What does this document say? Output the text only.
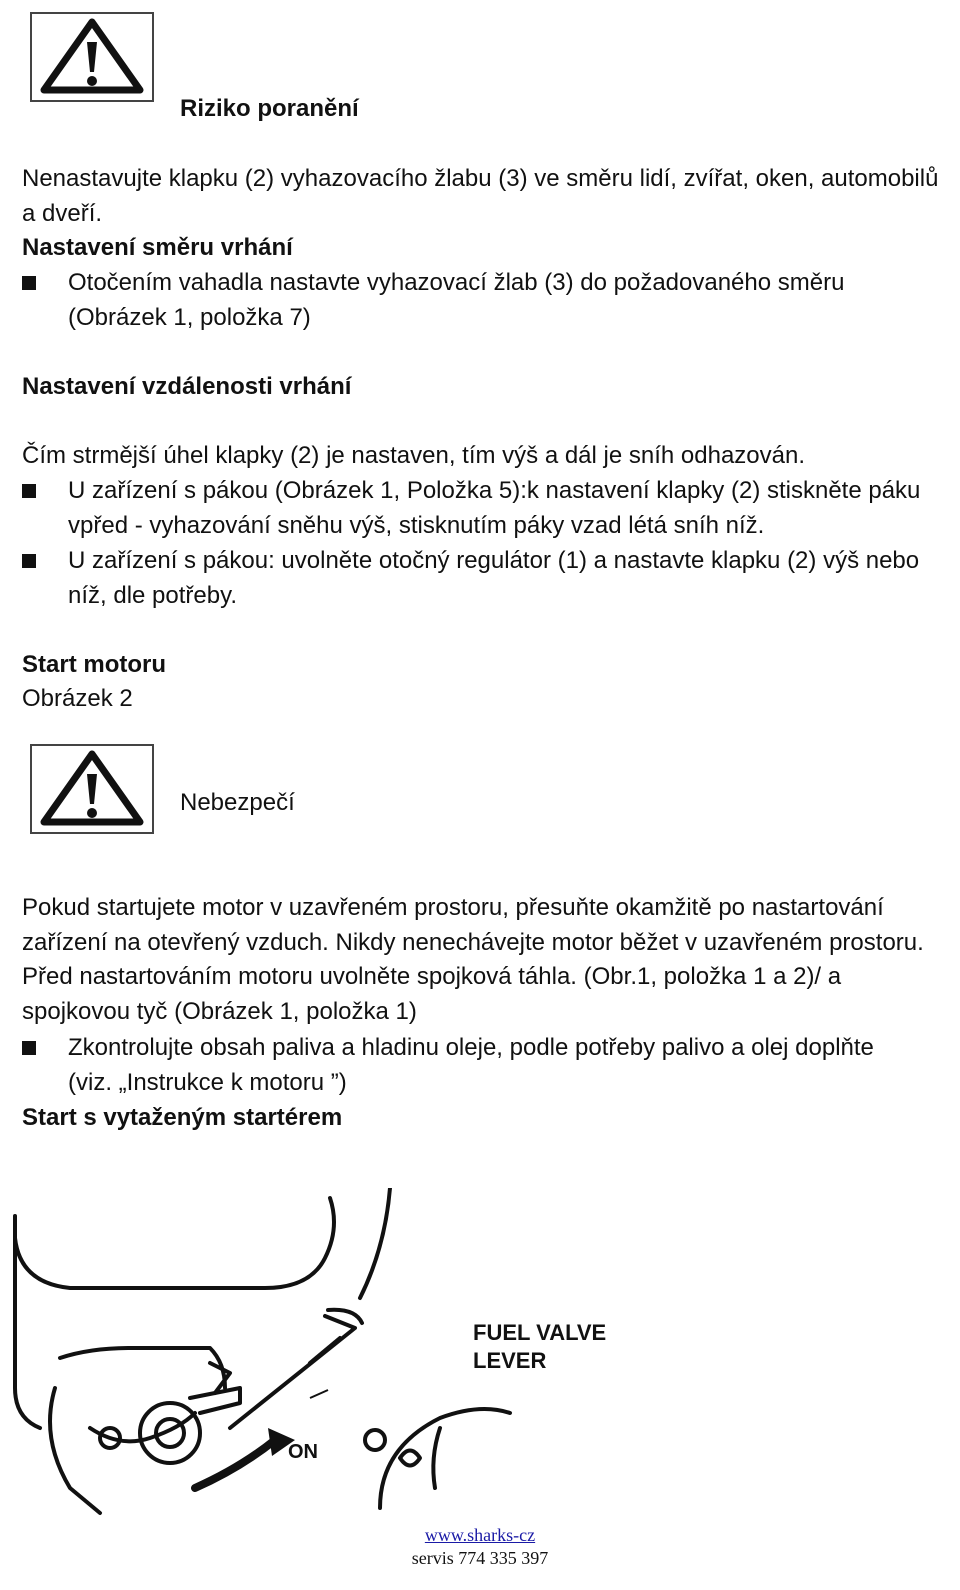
Riziko poranění
Nenastavujte klapku (2) vyhazovacího žlabu (3) ve směru lidí, zvířat, oken, automobilů a dveří.
Nastavení směru vrhání
Otočením vahadla nastavte vyhazovací žlab (3) do požadovaného směru (Obrázek 1, položka 7)
Nastavení vzdálenosti vrhání
Čím strmější úhel klapky (2) je nastaven, tím výš a dál je sníh odhazován.
U zařízení s pákou (Obrázek 1, Položka 5):k nastavení klapky (2) stiskněte páku vpřed - vyhazování sněhu výš, stisknutím páky vzad létá sníh níž.
U zařízení s pákou: uvolněte otočný regulátor (1) a nastavte klapku (2) výš nebo níž, dle potřeby.
Start motoru
Obrázek 2
Nebezpečí
Pokud startujete motor v uzavřeném prostoru, přesuňte okamžitě po nastartování zařízení na otevřený vzduch. Nikdy nenechávejte motor běžet v uzavřeném prostoru. Před nastartováním motoru uvolněte spojková táhla. (Obr.1, položka 1 a 2)/ a spojkovou tyč (Obrázek 1, položka 1)
Zkontrolujte obsah paliva a hladinu oleje, podle potřeby palivo a olej doplňte (viz. „Instrukce k motoru ”)
Start s vytaženým startérem
FUEL VALVE
LEVER
ON
www.sharks-cz
servis 774 335 397
